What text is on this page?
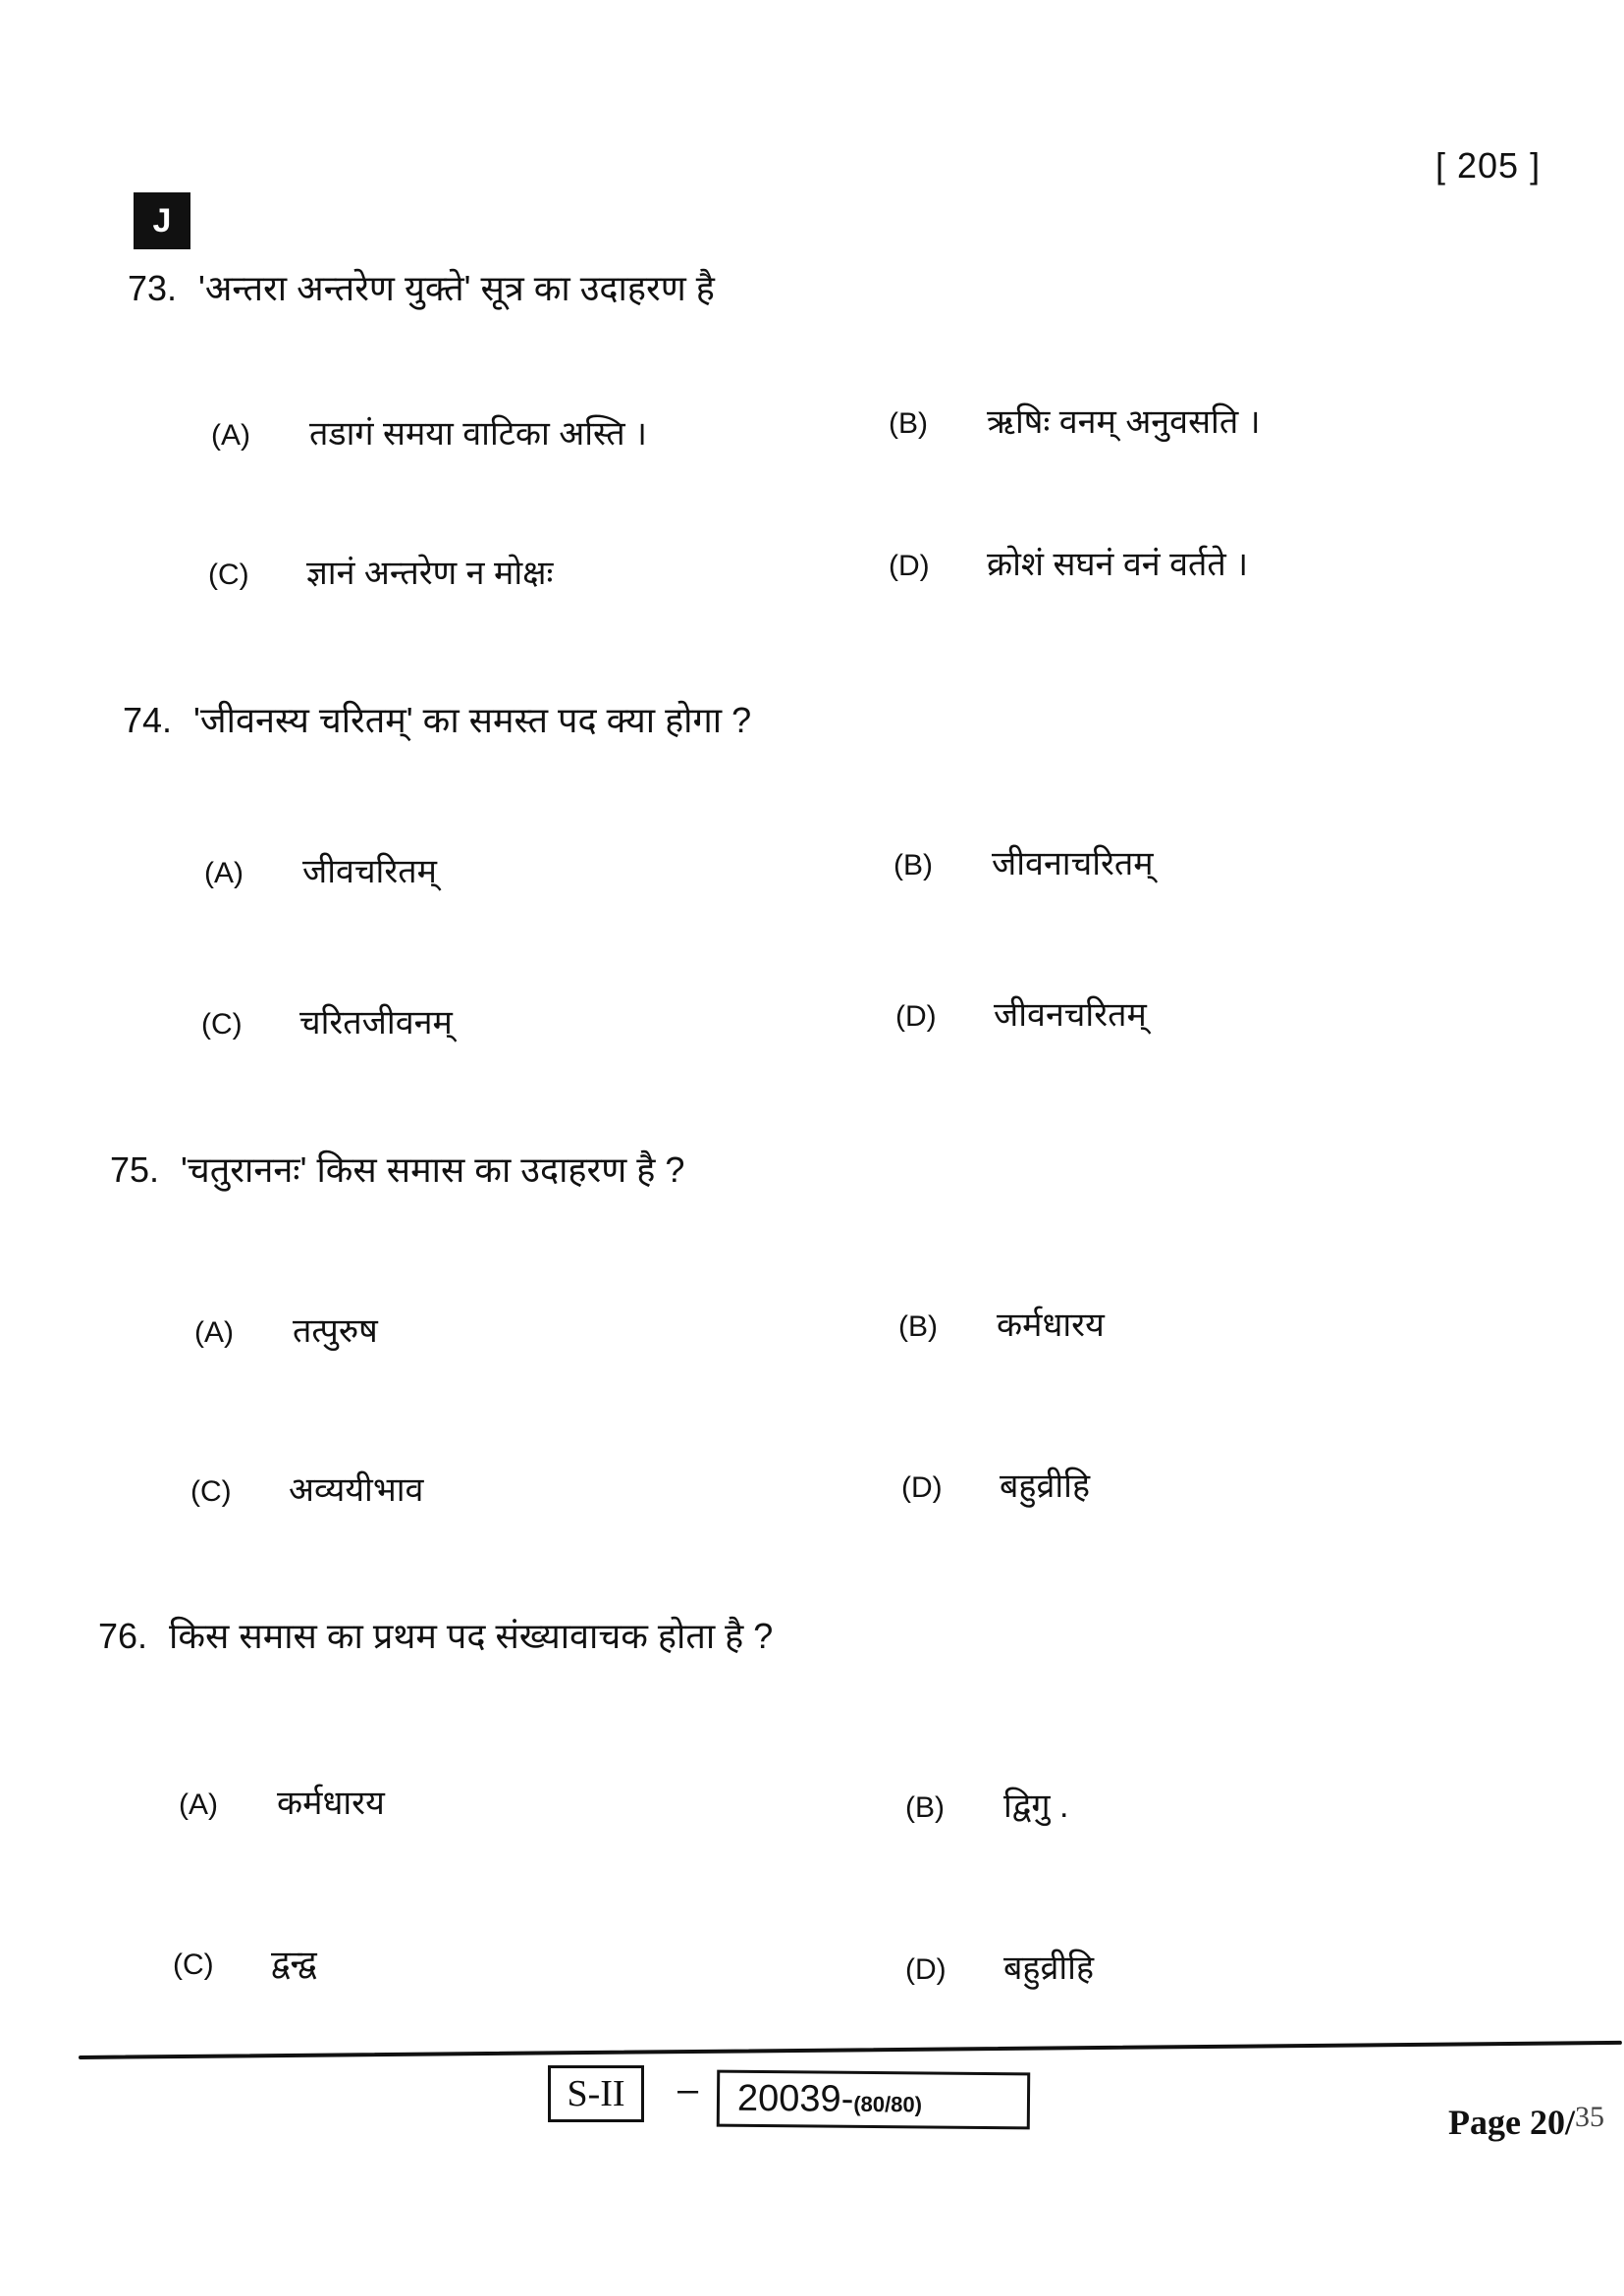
[ 205 ]
J
73. 'अन्तरा अन्तरेण युक्ते' सूत्र का उदाहरण है
(A) तडागं समया वाटिका अस्ति ।	(B) ऋषिः वनम् अनुवसति ।
(C) ज्ञानं अन्तरेण न मोक्षः	(D) क्रोशं सघनं वनं वर्तते ।
74. 'जीवनस्य चरितम्' का समस्त पद क्या होगा ?
(A) जीवचरितम्	(B) जीवनाचरितम्
(C) चरितजीवनम्	(D) जीवनचरितम्
75. 'चतुराननः' किस समास का उदाहरण है ?
(A) तत्पुरुष	(B) कर्मधारय
(C) अव्ययीभाव	(D) बहुव्रीहि
76. किस समास का प्रथम पद संख्यावाचक होता है ?
(A) कर्मधारय	(B) द्विगु .
(C) द्वन्द्व	(D) बहुव्रीहि
S-II	–	20039-(80/80)	Page 20/$^{35}$
